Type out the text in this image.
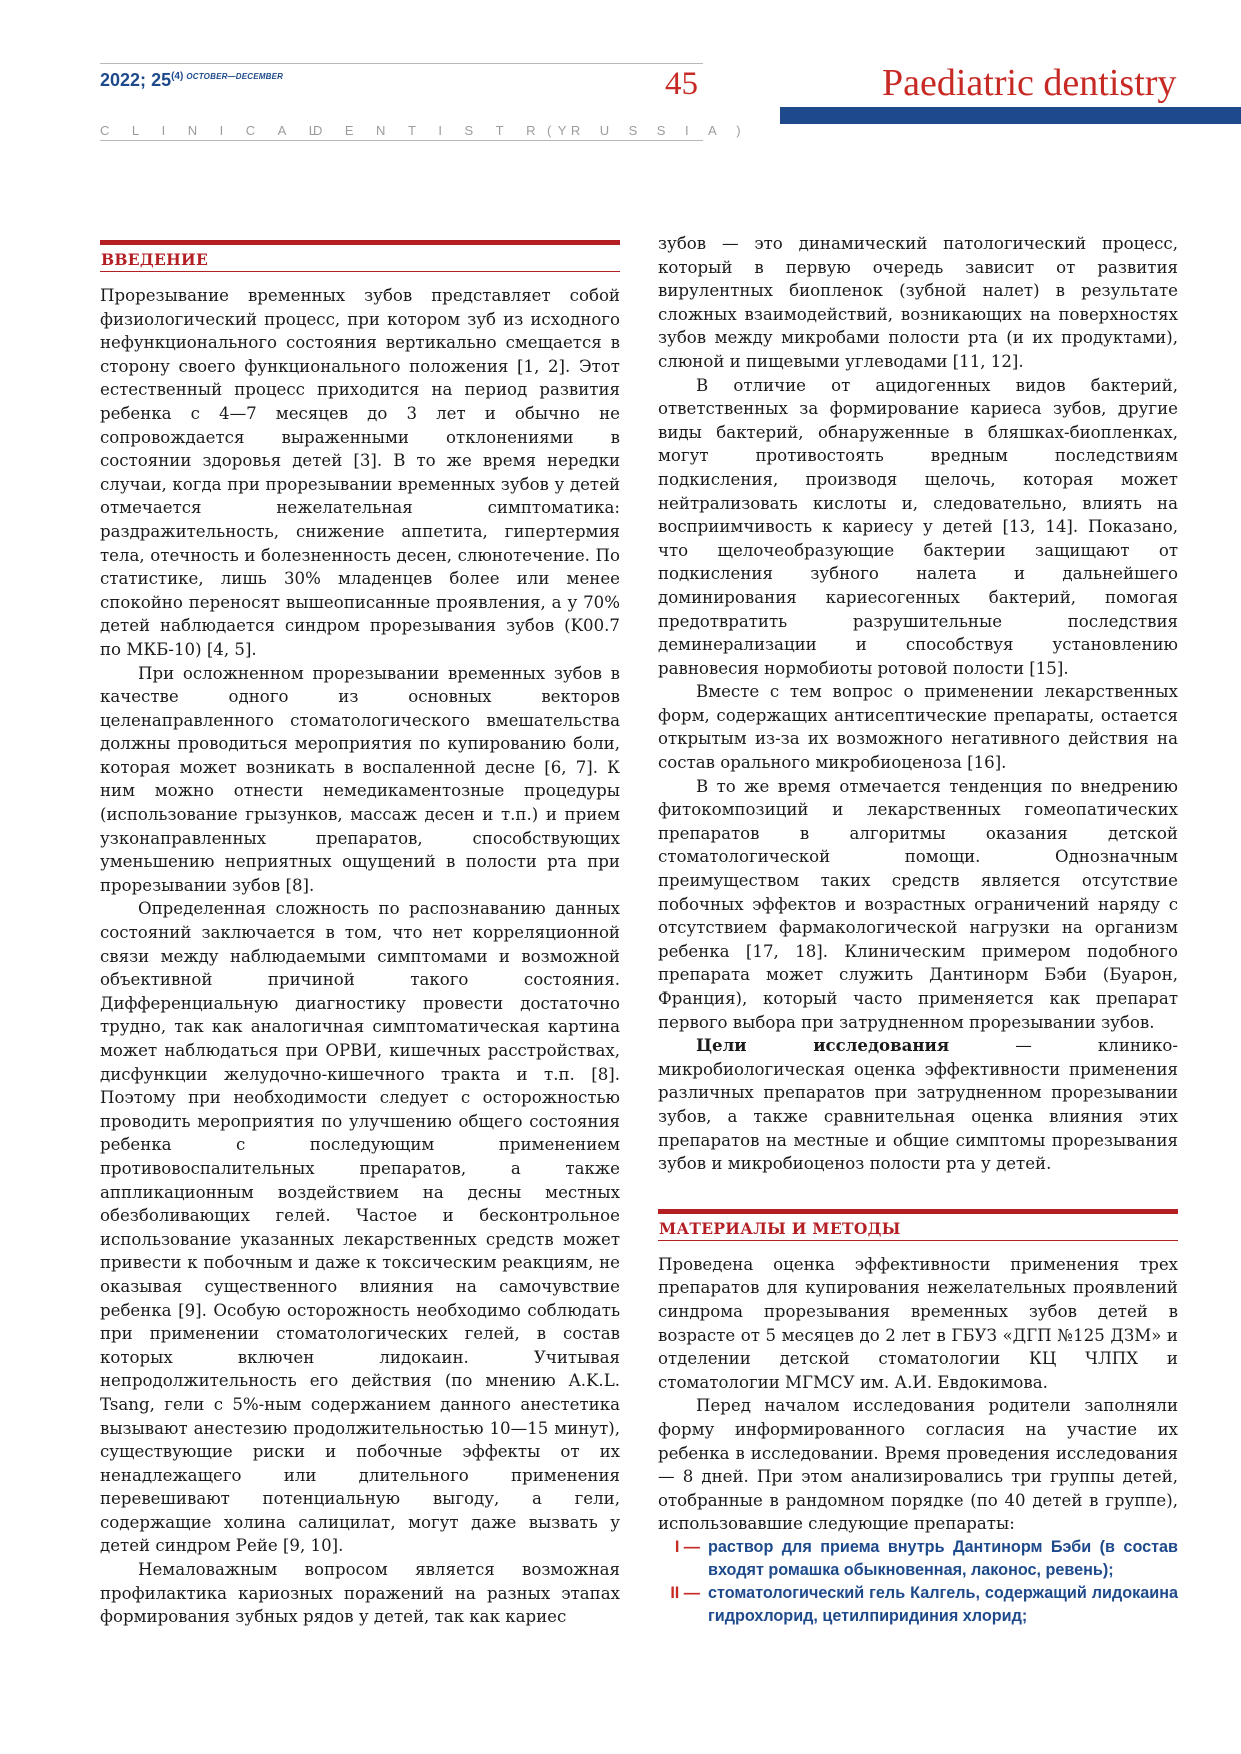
2022; 25$^{(4)}$ $^{OCTOBER—DECEMBER}$	45	Paediatric dentistry
CLINICAL
DENTISTRY
(RUSSIA)
ВВЕДЕНИЕ

Прорезывание временных зубов представляет собой физиологический процесс, при котором зуб из исходного нефункционального состояния вертикально смещается в сторону своего функционального положения [1, 2]. Этот естественный процесс приходится на период развития ребенка с 4—7 месяцев до 3 лет и обычно не сопровождается выраженными отклонениями в состоянии здоровья детей [3]. В то же время нередки случаи, когда при прорезывании временных зубов у детей отмечается нежелательная симптоматика: раздражительность, снижение аппетита, гипертермия тела, отечность и болезненность десен, слюнотечение. По статистике, лишь 30% младенцев более или менее спокойно переносят вышеописанные проявления, а у 70% детей наблюдается синдром прорезывания зубов (K00.7 по МКБ-10) [4, 5].

При осложненном прорезывании временных зубов в качестве одного из основных векторов целенаправленного стоматологического вмешательства должны проводиться мероприятия по купированию боли, которая может возникать в воспаленной десне [6, 7]. К ним можно отнести немедикаментозные процедуры (использование грызунков, массаж десен и т.п.) и прием узконаправленных препаратов, способствующих уменьшению неприятных ощущений в полости рта при прорезывании зубов [8].

Определенная сложность по распознаванию данных состояний заключается в том, что нет корреляционной связи между наблюдаемыми симптомами и возможной объективной причиной такого состояния. Дифференциальную диагностику провести достаточно трудно, так как аналогичная симптоматическая картина может наблюдаться при ОРВИ, кишечных расстройствах, дисфункции желудочно-кишечного тракта и т.п. [8]. Поэтому при необходимости следует с осторожностью проводить мероприятия по улучшению общего состояния ребенка с последующим применением противовоспалительных препаратов, а также аппликационным воздействием на десны местных обезболивающих гелей. Частое и бесконтрольное использование указанных лекарственных средств может привести к побочным и даже к токсическим реакциям, не оказывая существенного влияния на самочувствие ребенка [9]. Особую осторожность необходимо соблюдать при применении стоматологических гелей, в состав которых включен лидокаин. Учитывая непродолжительность его действия (по мнению A.K.L. Tsang, гели с 5%-ным содержанием данного анестетика вызывают анестезию продолжительностью 10—15 минут), существующие риски и побочные эффекты от их ненадлежащего или длительного применения перевешивают потенциальную выгоду, а гели, содержащие холина салицилат, могут даже вызвать у детей синдром Рейе [9, 10].

Немаловажным вопросом является возможная профилактика кариозных поражений на разных этапах формирования зубных рядов у детей, так как кариес

зубов — это динамический патологический процесс, который в первую очередь зависит от развития вирулентных биопленок (зубной налет) в результате сложных взаимодействий, возникающих на поверхностях зубов между микробами полости рта (и их продуктами), слюной и пищевыми углеводами [11, 12].

В отличие от ацидогенных видов бактерий, ответственных за формирование кариеса зубов, другие виды бактерий, обнаруженные в бляшках-биопленках, могут противостоять вредным последствиям подкисления, производя щелочь, которая может нейтрализовать кислоты и, следовательно, влиять на восприимчивость к кариесу у детей [13, 14]. Показано, что щелочеобразующие бактерии защищают от подкисления зубного налета и дальнейшего доминирования кариесогенных бактерий, помогая предотвратить разрушительные последствия деминерализации и способствуя установлению равновесия нормобиоты ротовой полости [15].

Вместе с тем вопрос о применении лекарственных форм, содержащих антисептические препараты, остается открытым из-за их возможного негативного действия на состав орального микробиоценоза [16].

В то же время отмечается тенденция по внедрению фитокомпозиций и лекарственных гомеопатических препаратов в алгоритмы оказания детской стоматологической помощи. Однозначным преимуществом таких средств является отсутствие побочных эффектов и возрастных ограничений наряду с отсутствием фармакологической нагрузки на организм ребенка [17, 18]. Клиническим примером подобного препарата может служить Дантинорм Бэби (Буарон, Франция), который часто применяется как препарат первого выбора при затрудненном прорезывании зубов.

Цели исследования — клинико-микробиологическая оценка эффективности применения различных препаратов при затрудненном прорезывании зубов, а также сравнительная оценка влияния этих препаратов на местные и общие симптомы прорезывания зубов и микробиоценоз полости рта у детей.

МАТЕРИАЛЫ И МЕТОДЫ

Проведена оценка эффективности применения трех препаратов для купирования нежелательных проявлений синдрома прорезывания временных зубов детей в возрасте от 5 месяцев до 2 лет в ГБУЗ «ДГП №125 ДЗМ» и отделении детской стоматологии КЦ ЧЛПХ и стоматологии МГМСУ им. А.И. Евдокимова.

Перед началом исследования родители заполняли форму информированного согласия на участие их ребенка в исследовании. Время проведения исследования — 8 дней. При этом анализировались три группы детей, отобранные в рандомном порядке (по 40 детей в группе), использовавшие следующие препараты:

I — раствор для приема внутрь Дантинорм Бэби (в состав входят ромашка обыкновенная, лаконос, ревень);
II — стоматологический гель Калгель, содержащий лидокаина гидрохлорид, цетилпиридиния хлорид;
